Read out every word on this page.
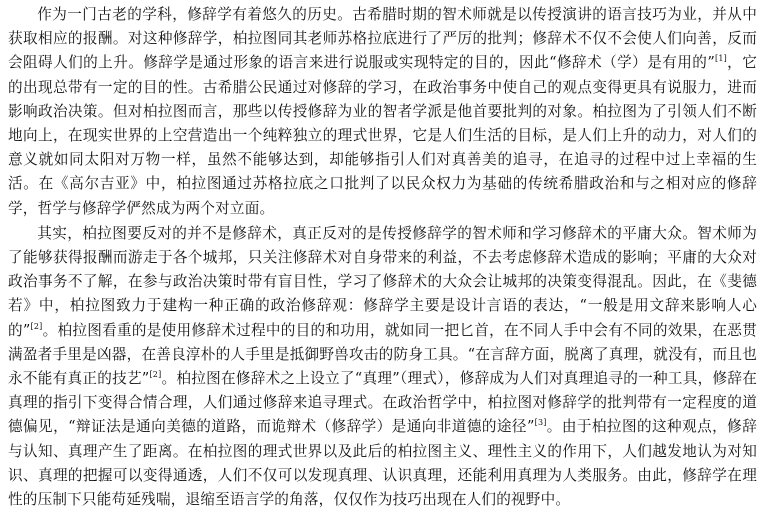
作为一门古老的学科，修辞学有着悠久的历史。古希腊时期的智术师就是以传授演讲的语言技巧为业，并从中获取相应的报酬。对这种修辞学，柏拉图同其老师苏格拉底进行了严厉的批判；修辞术不仅不会使人们向善，反而会阻碍人们的上升。修辞学是通过形象的语言来进行说服或实现特定的目的，因此“修辞术（学）是有用的”[1]，它的出现总带有一定的目的性。古希腊公民通过对修辞的学习，在政治事务中使自己的观点变得更具有说服力，进而影响政治决策。但对柏拉图而言，那些以传授修辞为业的智者学派是他首要批判的对象。柏拉图为了引领人们不断地向上，在现实世界的上空营造出一个纯粹独立的理式世界，它是人们生活的目标，是人们上升的动力，对人们的意义就如同太阳对万物一样，虽然不能够达到，却能够指引人们对真善美的追寻，在追寻的过程中过上幸福的生活。在《高尔吉亚》中，柏拉图通过苏格拉底之口批判了以民众权力为基础的传统希腊政治和与之相对应的修辞学，哲学与修辞学俨然成为两个对立面。

其实，柏拉图要反对的并不是修辞术，真正反对的是传授修辞学的智术师和学习修辞术的平庸大众。智术师为了能够获得报酬而游走于各个城邦，只关注修辞术对自身带来的利益，不去考虑修辞术造成的影响；平庸的大众对政治事务不了解，在参与政治决策时带有盲目性，学习了修辞术的大众会让城邦的决策变得混乱。因此，在《斐德若》中，柏拉图致力于建构一种正确的政治修辞观：修辞学主要是设计言语的表达，“一般是用文辞来影响人心的”[2]。柏拉图看重的是使用修辞术过程中的目的和功用，就如同一把匕首，在不同人手中会有不同的效果，在恶贯满盈者手里是凶器，在善良淳朴的人手里是抵御野兽攻击的防身工具。“在言辞方面，脱离了真理，就没有，而且也永不能有真正的技艺”[2]。柏拉图在修辞术之上设立了“真理”（理式），修辞成为人们对真理追寻的一种工具，修辞在真理的指引下变得合情合理，人们通过修辞来追寻理式。在政治哲学中，柏拉图对修辞学的批判带有一定程度的道德偏见，“辩证法是通向美德的道路，而诡辩术（修辞学）是通向非道德的途径”[3]。由于柏拉图的这种观点，修辞与认知、真理产生了距离。在柏拉图的理式世界以及此后的柏拉图主义、理性主义的作用下，人们越发地认为对知识、真理的把握可以变得通透，人们不仅可以发现真理、认识真理，还能利用真理为人类服务。由此，修辞学在理性的压制下只能苟延残喘，退缩至语言学的角落，仅仅作为技巧出现在人们的视野中。
